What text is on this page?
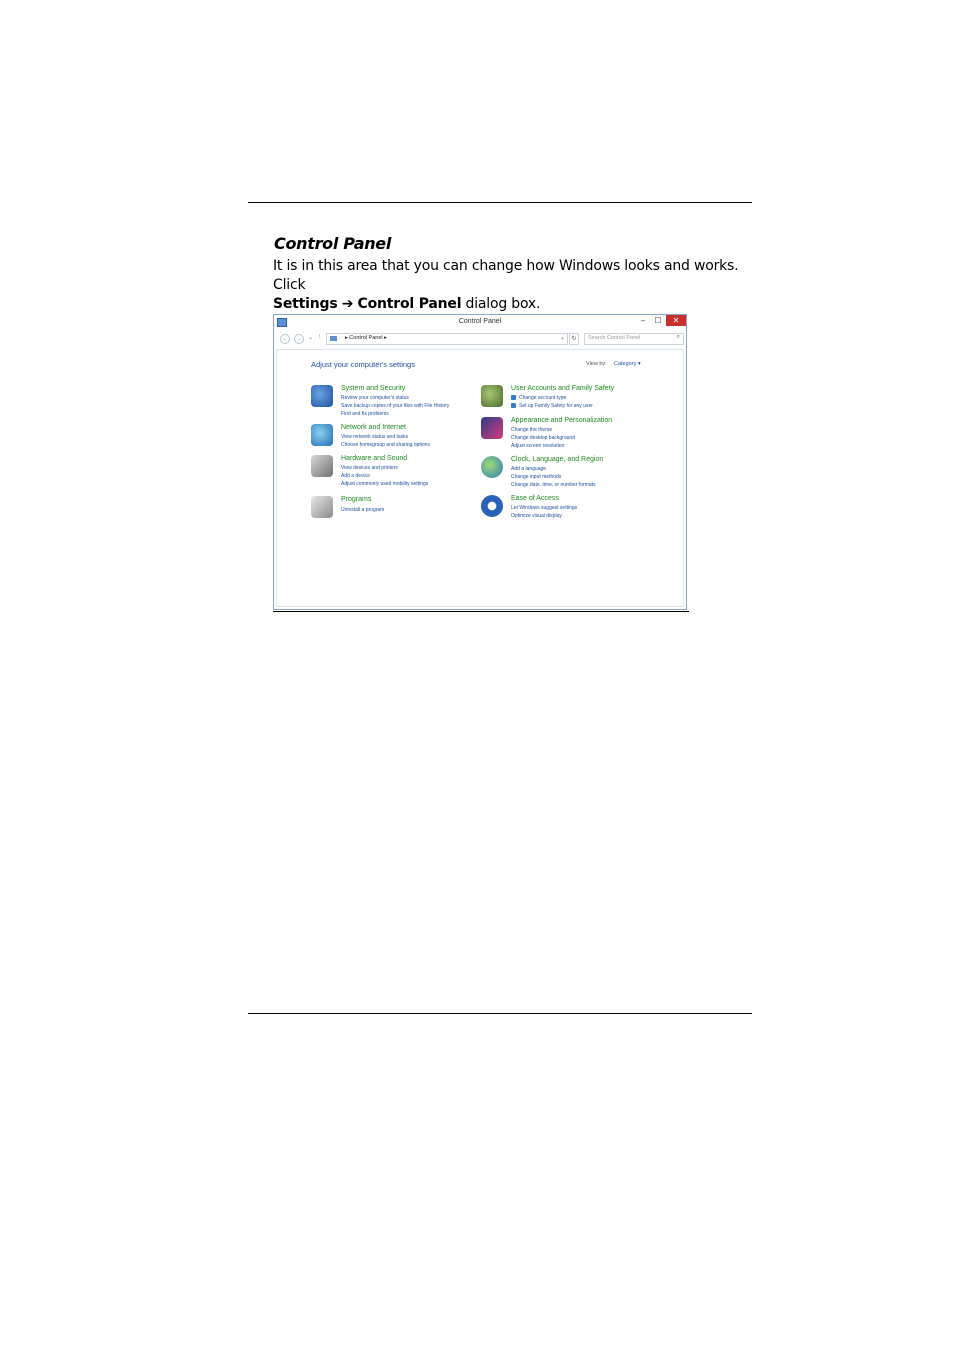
Control Panel
It is in this area that you can change how Windows looks and works. Click
Settings ➔ Control Panel dialog box.
Control Panel	–	☐	✕
←	→	⌄ ↑	▸ Control Panel ▸	⌄	↻	Search Control Panel	⌕
Adjust your computer's settings	View by: Category ▾
System and Security
Review your computer's status
Save backup copies of your files with File History
Find and fix problems
Network and Internet
View network status and tasks
Choose homegroup and sharing options
Hardware and Sound
View devices and printers
Add a device
Adjust commonly used mobility settings
Programs
Uninstall a program
User Accounts and Family Safety
Change account type
Set up Family Safety for any user
Appearance and Personalization
Change the theme
Change desktop background
Adjust screen resolution
Clock, Language, and Region
Add a language
Change input methods
Change date, time, or number formats
Ease of Access
Let Windows suggest settings
Optimize visual display
